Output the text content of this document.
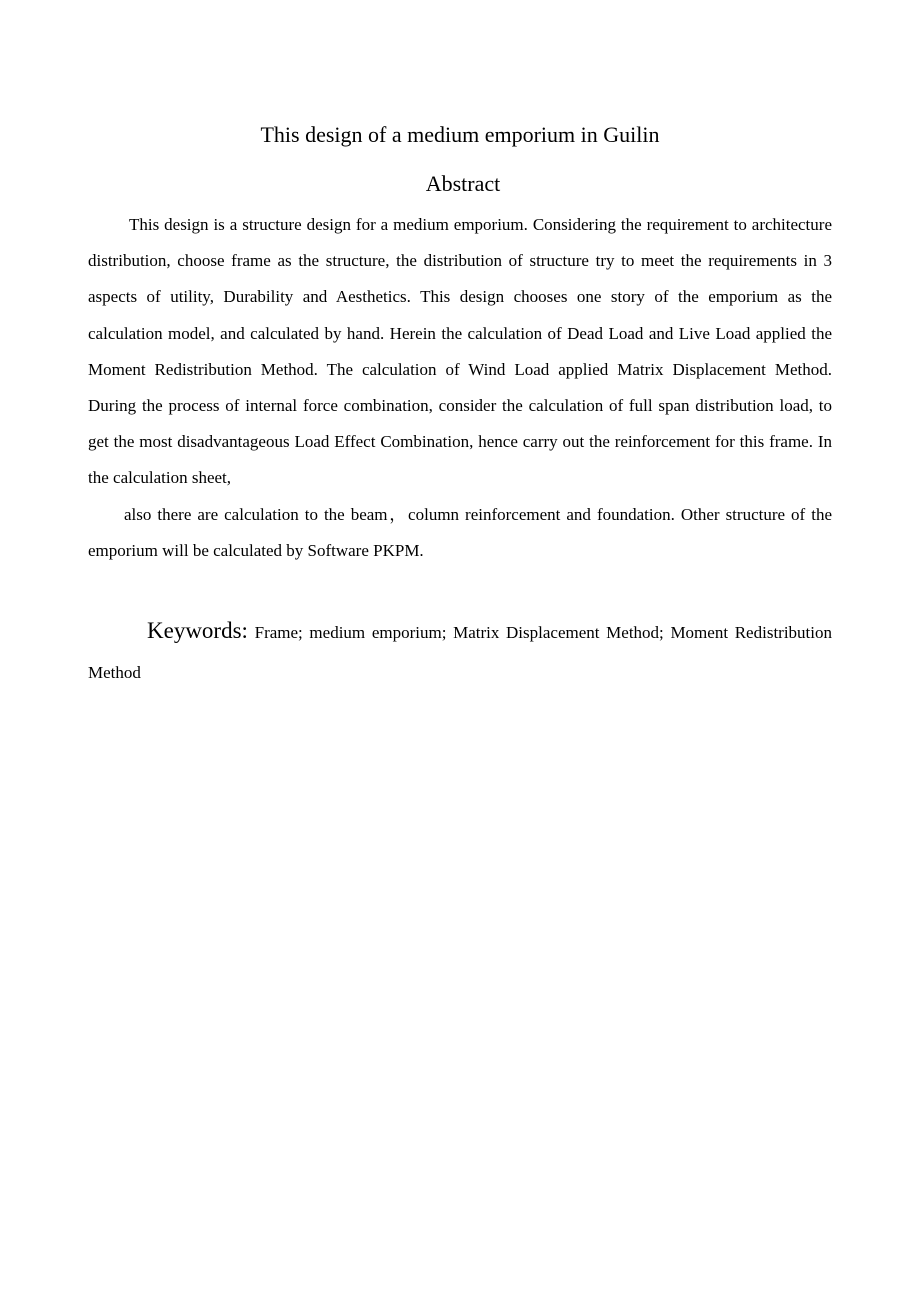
This design of a medium emporium in Guilin
Abstract

This design is a structure design for a medium emporium. Considering the requirement to architecture distribution, choose frame as the structure, the distribution of structure try to meet the requirements in 3 aspects of utility, Durability and Aesthetics. This design chooses one story of the emporium as the calculation model, and calculated by hand. Herein the calculation of Dead Load and Live Load applied the Moment Redistribution Method. The calculation of Wind Load applied Matrix Displacement Method. During the process of internal force combination, consider the calculation of full span distribution load, to get the most disadvantageous Load Effect Combination, hence carry out the reinforcement for this frame. In the calculation sheet,

also there are calculation to the beam，column reinforcement and foundation. Other structure of the emporium will be calculated by Software PKPM.

Keywords: Frame; medium emporium; Matrix Displacement Method; Moment Redistribution Method
